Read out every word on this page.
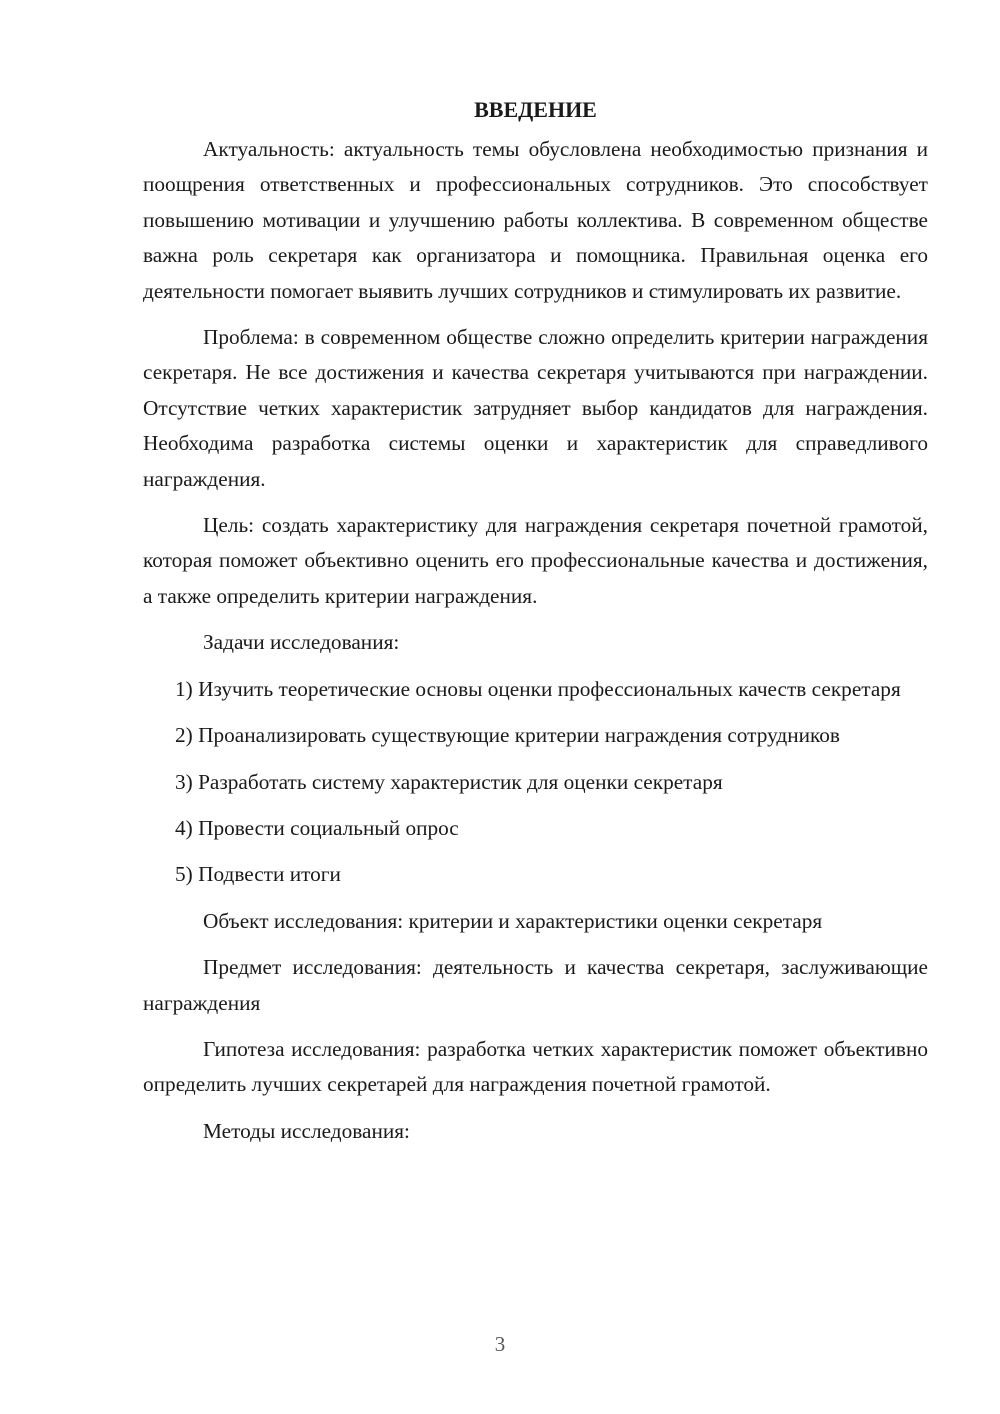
ВВЕДЕНИЕ

Актуальность: актуальность темы обусловлена необходимостью признания и поощрения ответственных и профессиональных сотрудников. Это способствует повышению мотивации и улучшению работы коллектива. В современном обществе важна роль секретаря как организатора и помощника. Правильная оценка его деятельности помогает выявить лучших сотрудников и стимулировать их развитие.

Проблема: в современном обществе сложно определить критерии награждения секретаря. Не все достижения и качества секретаря учитываются при награждении. Отсутствие четких характеристик затрудняет выбор кандидатов для награждения. Необходима разработка системы оценки и характеристик для справедливого награждения.

Цель: создать характеристику для награждения секретаря почетной грамотой, которая поможет объективно оценить его профессиональные качества и достижения, а также определить критерии награждения.

Задачи исследования:

1) Изучить теоретические основы оценки профессиональных качеств секретаря

2) Проанализировать существующие критерии награждения сотрудников

3) Разработать систему характеристик для оценки секретаря

4) Провести социальный опрос

5) Подвести итоги

Объект исследования: критерии и характеристики оценки секретаря

Предмет исследования: деятельность и качества секретаря, заслуживающие награждения

Гипотеза исследования: разработка четких характеристик поможет объективно определить лучших секретарей для награждения почетной грамотой.

Методы исследования:

3
